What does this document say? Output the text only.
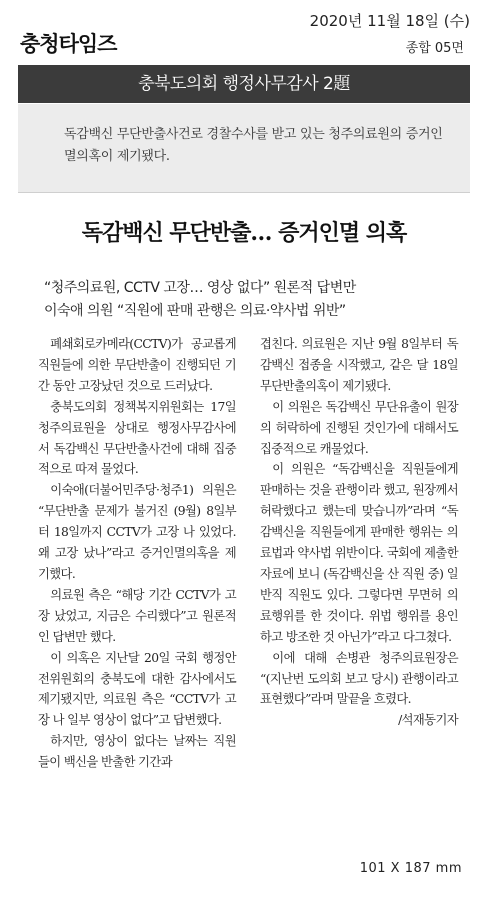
충청타임즈
2020년 11월 18일 (수)
종합 05면
충북도의회 행정사무감사 2題
독감백신 무단반출사건로 경찰수사를 받고 있는 청주의료원의 증거인멸의혹이 제기됐다.
독감백신 무단반출… 증거인멸 의혹
“청주의료원, CCTV 고장… 영상 없다” 원론적 답변만
이숙애 의원 “직원에 판매 관행은 의료·약사법 위반”

폐쇄회로카메라(CCTV)가 공교롭게 직원들에 의한 무단반출이 진행되던 기간 동안 고장났던 것으로 드러났다.

충북도의회 정책복지위원회는 17일 청주의료원을 상대로 행정사무감사에서 독감백신 무단반출사건에 대해 집중적으로 따져 물었다.

이숙애(더불어민주당·청주1) 의원은 “무단반출 문제가 불거진 (9월) 8일부터 18일까지 CCTV가 고장 나 있었다. 왜 고장 났나”라고 증거인멸의혹을 제기했다.

의료원 측은 “해당 기간 CCTV가 고장 났었고, 지금은 수리했다”고 원론적인 답변만 했다.

이 의혹은 지난달 20일 국회 행정안전위원회의 충북도에 대한 감사에서도 제기됐지만, 의료원 측은 “CCTV가 고장 나 일부 영상이 없다”고 답변했다.

하지만, 영상이 없다는 날짜는 직원들이 백신을 반출한 기간과

겹친다. 의료원은 지난 9월 8일부터 독감백신 접종을 시작했고, 같은 달 18일 무단반출의혹이 제기됐다.

이 의원은 독감백신 무단유출이 원장의 허락하에 진행된 것인가에 대해서도 집중적으로 캐물었다.

이 의원은 “독감백신을 직원들에게 판매하는 것을 관행이라 했고, 원장께서 허락했다고 했는데 맞습니까”라며 “독감백신을 직원들에게 판매한 행위는 의료법과 약사법 위반이다. 국회에 제출한 자료에 보니 (독감백신을 산 직원 중) 일반직 직원도 있다. 그렇다면 무면허 의료행위를 한 것이다. 위법 행위를 용인하고 방조한 것 아닌가”라고 다그쳤다.

이에 대해 손병관 청주의료원장은 “(지난번 도의회 보고 당시) 관행이라고 표현했다”라며 말끝을 흐렸다.

/석재동기자
101 X 187 mm
